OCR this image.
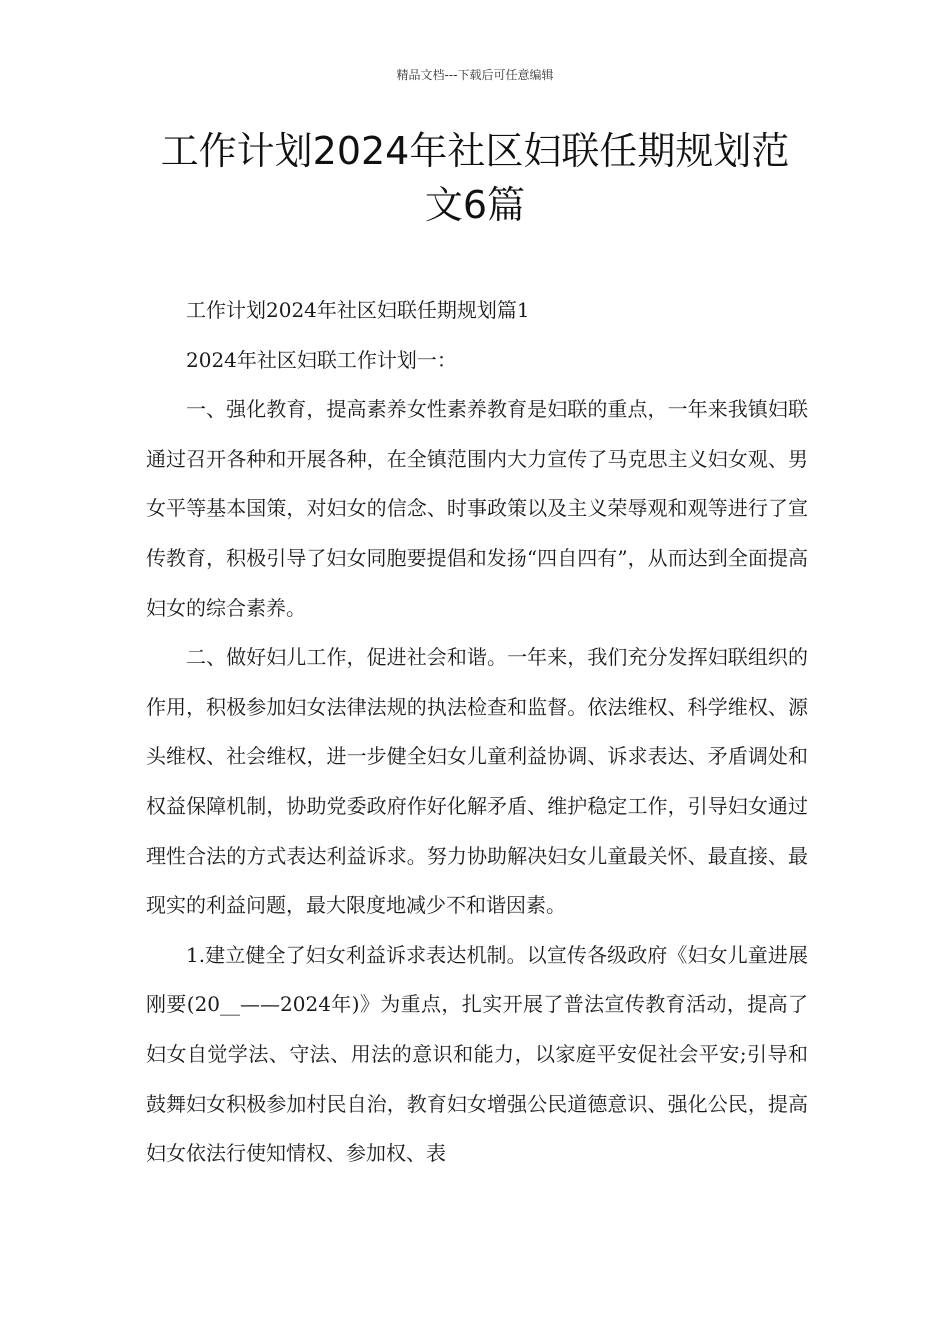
精品文档---下载后可任意编辑
工作计划2024年社区妇联任期规划范
文6篇

工作计划2024年社区妇联任期规划篇1

2024年社区妇联工作计划一：

一、强化教育，提高素养女性素养教育是妇联的重点，一年来我镇妇联通过召开各种和开展各种，在全镇范围内大力宣传了马克思主义妇女观、男女平等基本国策，对妇女的信念、时事政策以及主义荣辱观和观等进行了宣传教育，积极引导了妇女同胞要提倡和发扬“四自四有”，从而达到全面提高妇女的综合素养。

二、做好妇儿工作，促进社会和谐。一年来，我们充分发挥妇联组织的作用，积极参加妇女法律法规的执法检查和监督。依法维权、科学维权、源头维权、社会维权，进一步健全妇女儿童利益协调、诉求表达、矛盾调处和权益保障机制，协助党委政府作好化解矛盾、维护稳定工作，引导妇女通过理性合法的方式表达利益诉求。努力协助解决妇女儿童最关怀、最直接、最现实的利益问题，最大限度地减少不和谐因素。

1.建立健全了妇女利益诉求表达机制。以宣传各级政府《妇女儿童进展刚要(20__——2024年)》为重点，扎实开展了普法宣传教育活动，提高了妇女自觉学法、守法、用法的意识和能力，以家庭平安促社会平安;引导和鼓舞妇女积极参加村民自治，教育妇女增强公民道德意识、强化公民，提高妇女依法行使知情权、参加权、表
